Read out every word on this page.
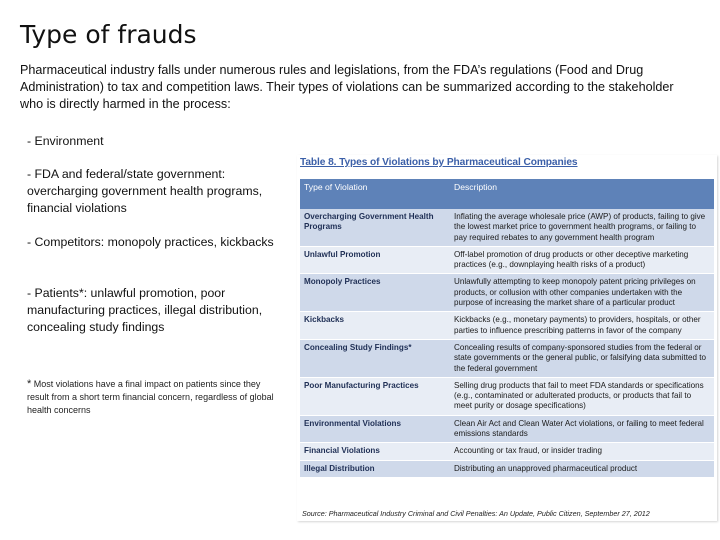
Type of frauds
Pharmaceutical industry falls under numerous rules and legislations, from the FDA’s regulations (Food and Drug Administration) to tax and competition laws. Their types of violations can be summarized according to the stakeholder who is directly harmed in the process:
- Environment
- FDA and federal/state government: overcharging government health programs, financial violations
- Competitors: monopoly practices, kickbacks
- Patients*: unlawful promotion, poor manufacturing practices, illegal distribution, concealing study findings
* Most violations have a final impact on patients since they result from a short term financial concern, regardless of global health concerns
Table 8. Types of Violations by Pharmaceutical Companies
Type of Violation	Description
Overcharging Government Health Programs	Inflating the average wholesale price (AWP) of products, failing to give the lowest market price to government health programs, or failing to pay required rebates to any government health program
Unlawful Promotion	Off-label promotion of drug products or other deceptive marketing practices (e.g., downplaying health risks of a product)
Monopoly Practices	Unlawfully attempting to keep monopoly patent pricing privileges on products, or collusion with other companies undertaken with the purpose of increasing the market share of a particular product
Kickbacks	Kickbacks (e.g., monetary payments) to providers, hospitals, or other parties to influence prescribing patterns in favor of the company
Concealing Study Findings*	Concealing results of company-sponsored studies from the federal or state governments or the general public, or falsifying data submitted to the federal government
Poor Manufacturing Practices	Selling drug products that fail to meet FDA standards or specifications (e.g., contaminated or adulterated products, or products that fail to meet purity or dosage specifications)
Environmental Violations	Clean Air Act and Clean Water Act violations, or failing to meet federal emissions standards
Financial Violations	Accounting or tax fraud, or insider trading
Illegal Distribution	Distributing an unapproved pharmaceutical product
Source: Pharmaceutical Industry Criminal and Civil Penalties: An Update, Public Citizen, September 27, 2012
